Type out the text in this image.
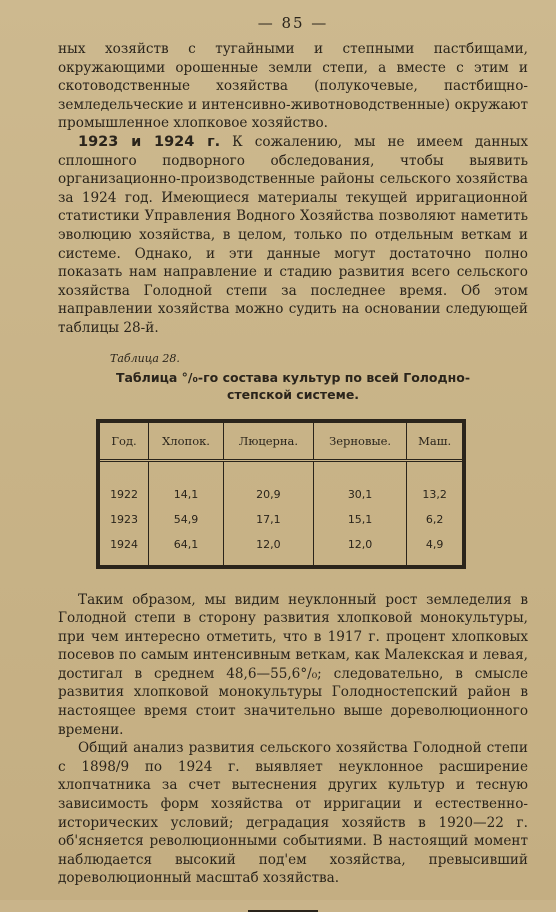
— 85 —

ных хозяйств с тугайными и степными пастбищами, окружающими орошенные земли степи, а вместе с этим и скотоводственные хозяйства (полукочевые, пастбищно-земледельческие и интенсивно-животноводственные) окружают промышленное хлопковое хозяйство.

1923 и 1924 г. К сожалению, мы не имеем данных сплошного подворного обследования, чтобы выявить организационно-производственные районы сельского хозяйства за 1924 год. Имеющиеся материалы текущей ирригационной статистики Управления Водного Хозяйства позволяют наметить эволюцию хозяйства, в целом, только по отдельным веткам и системе. Однако, и эти данные могут достаточно полно показать нам направление и стадию развития всего сельского хозяйства Голодной степи за последнее время. Об этом направлении хозяйства можно судить на основании следующей таблицы 28-й.

Таблица 28.
Таблица °/₀-го состава культур по всей Голодно-
степской системе.
Год.	Хлопок.	Люцерна.	Зерновые.	Маш.

1922	14,1	20,9	30,1	13,2
1923	54,9	17,1	15,1	6,2
1924	64,1	12,0	12,0	4,9

Таким образом, мы видим неуклонный рост земледелия в Голодной степи в сторону развития хлопковой монокультуры, при чем интересно отметить, что в 1917 г. процент хлопковых посевов по самым интенсивным веткам, как Малекская и левая, достигал в среднем 48,6—55,6°/₀; следовательно, в смысле развития хлопковой монокультуры Голодностепский район в настоящее время стоит значительно выше дореволюционного времени.

Общий анализ развития сельского хозяйства Голодной степи с 1898/9 по 1924 г. выявляет неуклонное расширение хлопчатника за счет вытеснения других культур и тесную зависимость форм хозяйства от ирригации и естественно-исторических условий; деградация хозяйств в 1920—22 г. об'ясняется революционными событиями. В настоящий момент наблюдается высокий под'ем хозяйства, превысивший дореволюционный масштаб хозяйства.
